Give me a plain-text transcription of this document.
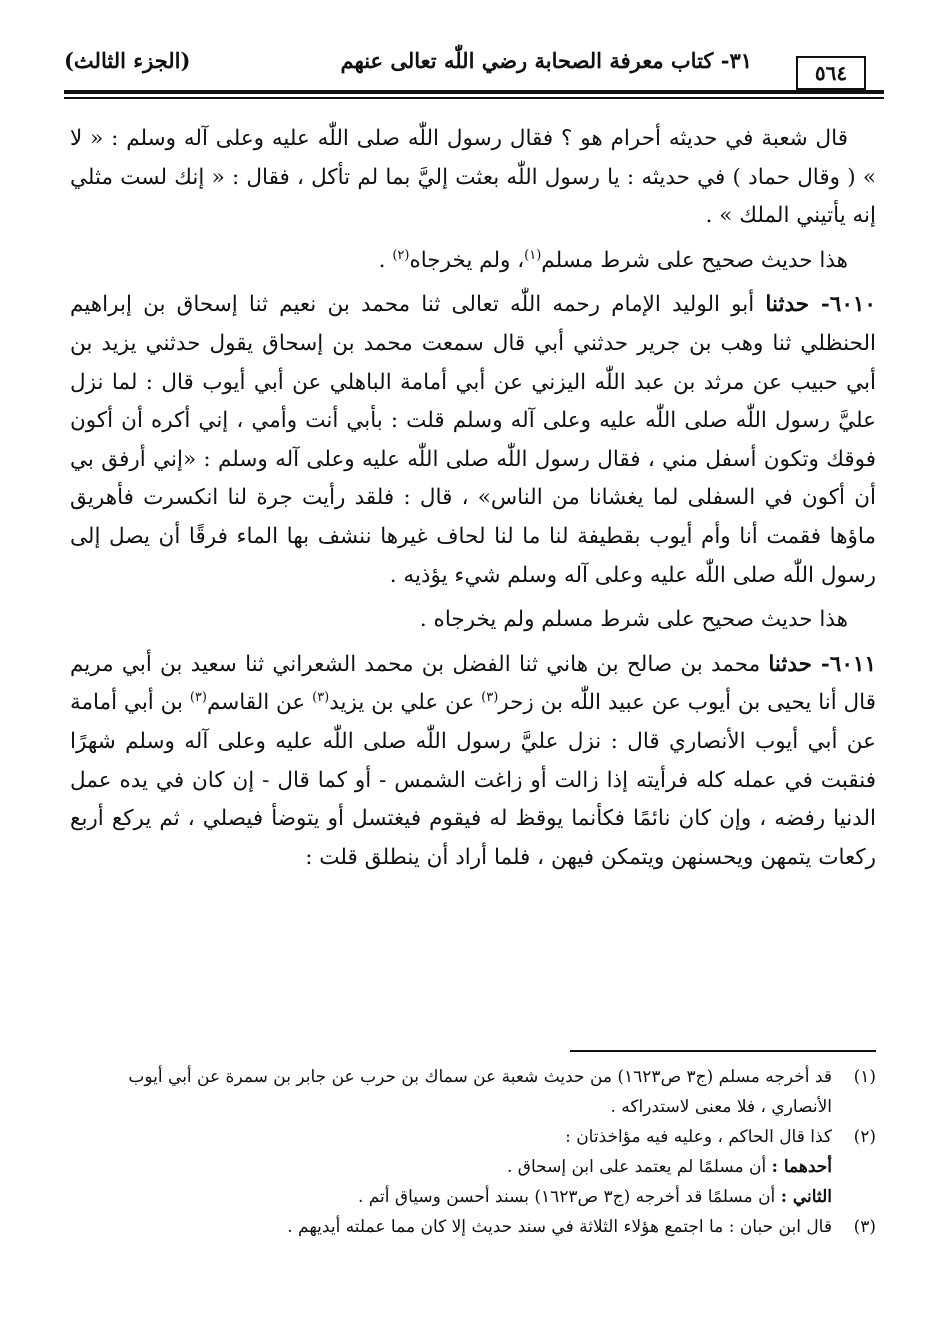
٣١- كتاب معرفة الصحابة رضي اللّٰه تعالى عنهم
(الجزء الثالث)	٥٦٤

قال شعبة في حديثه أحرام هو ؟ فقال رسول اللّٰه صلى اللّٰه عليه وعلى آله وسلم : « لا » ( وقال حماد ) في حديثه : يا رسول اللّٰه بعثت إليَّ بما لم تأكل ، فقال : « إنك لست مثلي إنه يأتيني الملك » .

هذا حديث صحيح على شرط مسلم$^{(١)}$، ولم يخرجاه$^{(٢)}$ .

٦٠١٠- حدثنا أبو الوليد الإمام رحمه اللّٰه تعالى ثنا محمد بن نعيم ثنا إسحاق بن إبراهيم الحنظلي ثنا وهب بن جرير حدثني أبي قال سمعت محمد بن إسحاق يقول حدثني يزيد بن أبي حبيب عن مرثد بن عبد اللّٰه اليزني عن أبي أمامة الباهلي عن أبي أيوب قال : لما نزل عليَّ رسول اللّٰه صلى اللّٰه عليه وعلى آله وسلم قلت : بأبي أنت وأمي ، إني أكره أن أكون فوقك وتكون أسفل مني ، فقال رسول اللّٰه صلى اللّٰه عليه وعلى آله وسلم : «إني أرفق بي أن أكون في السفلى لما يغشانا من الناس» ، قال : فلقد رأيت جرة لنا انكسرت فأهريق ماؤها فقمت أنا وأم أيوب بقطيفة لنا ما لنا لحاف غيرها ننشف بها الماء فرقًا أن يصل إلى رسول اللّٰه صلى اللّٰه عليه وعلى آله وسلم شيء يؤذيه .

هذا حديث صحيح على شرط مسلم ولم يخرجاه .

٦٠١١- حدثنا محمد بن صالح بن هاني ثنا الفضل بن محمد الشعراني ثنا سعيد بن أبي مريم قال أنا يحيى بن أيوب عن عبيد اللّٰه بن زحر$^{(٣)}$ عن علي بن يزيد$^{(٣)}$ عن القاسم$^{(٣)}$ بن أبي أمامة عن أبي أيوب الأنصاري قال : نزل عليَّ رسول اللّٰه صلى اللّٰه عليه وعلى آله وسلم شهرًا فنقبت في عمله كله فرأيته إذا زالت أو زاغت الشمس - أو كما قال - إن كان في يده عمل الدنيا رفضه ، وإن كان نائمًا فكأنما يوقظ له فيقوم فيغتسل أو يتوضأ فيصلي ، ثم يركع أربع ركعات يتمهن ويحسنهن ويتمكن فيهن ، فلما أراد أن ينطلق قلت :

(١)
قد أخرجه مسلم (ج٣ ص١٦٢٣) من حديث شعبة عن سماك بن حرب عن جابر بن سمرة عن أبي أيوب الأنصاري ، فلا معنى لاستدراكه .

(٢)
كذا قال الحاكم ، وعليه فيه مؤاخذتان :

أحدهما : أن مسلمًا لم يعتمد على ابن إسحاق .

الثاني : أن مسلمًا قد أخرجه (ج٣ ص١٦٢٣) بسند أحسن وسياق أتم .

(٣)
قال ابن حبان : ما اجتمع هؤلاء الثلاثة في سند حديث إلا كان مما عملته أيديهم .
